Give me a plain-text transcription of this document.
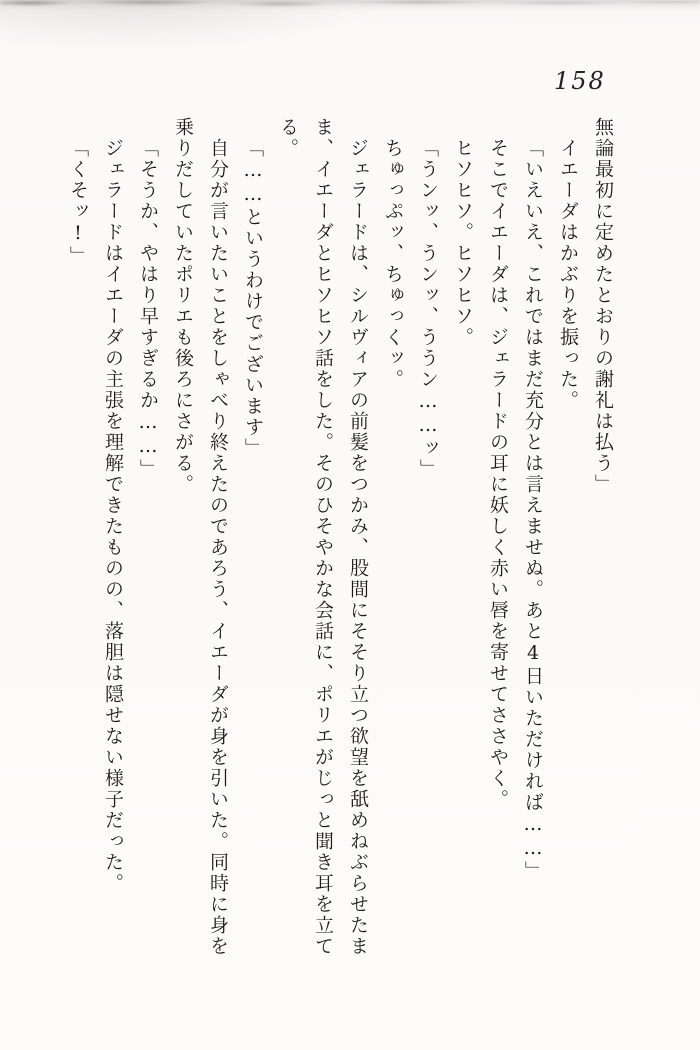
158

無論最初に定めたとおりの謝礼は払う」

イエーダはかぶりを振った。

「いえいえ、これではまだ充分とは言えませぬ。あと4日いただければ……」

そこでイエーダは、ジェラードの耳に妖しく赤い唇を寄せてささやく。

ヒソヒソ。ヒソヒソ。

「うンッ、うンッ、ううン……ッ」

ちゅっぷッ、ちゅっくッ。

ジェラードは、シルヴィアの前髪をつかみ、股間にそそり立つ欲望を舐めねぶらせたま

ま、イエーダとヒソヒソ話をした。そのひそやかな会話に、ポリエがじっと聞き耳を立て

る。

「……というわけでございます」

自分が言いたいことをしゃべり終えたのであろう、イエーダが身を引いた。同時に身を

乗りだしていたポリエも後ろにさがる。

「そうか、やはり早すぎるか……」

ジェラードはイエーダの主張を理解できたものの、落胆は隠せない様子だった。

「くそッ!」
